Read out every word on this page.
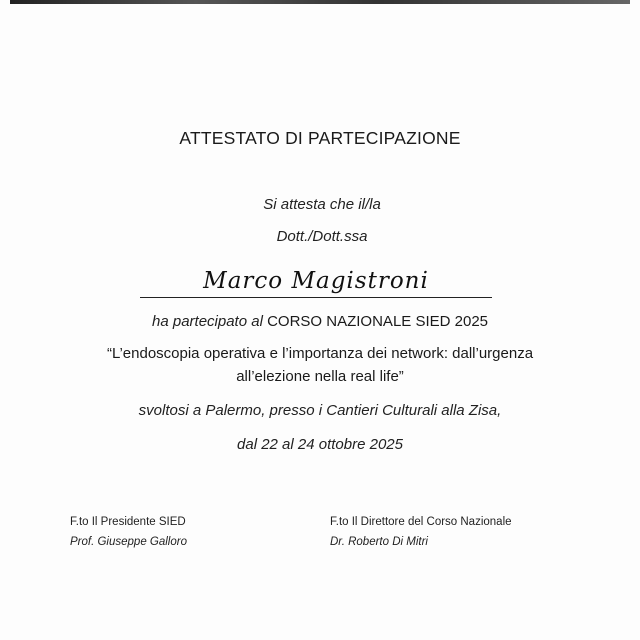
ATTESTATO DI PARTECIPAZIONE
Si attesta che il/la
Dott./Dott.ssa
Marco Magistroni
ha partecipato al CORSO NAZIONALE SIED 2025
“L’endoscopia operativa e l’importanza dei network: dall’urgenza
all’elezione nella real life”
svoltosi a Palermo, presso i Cantieri Culturali alla Zisa,
dal 22 al 24 ottobre 2025
F.to Il Presidente SIED
Prof. Giuseppe Galloro
F.to Il Direttore del Corso Nazionale
Dr. Roberto Di Mitri
